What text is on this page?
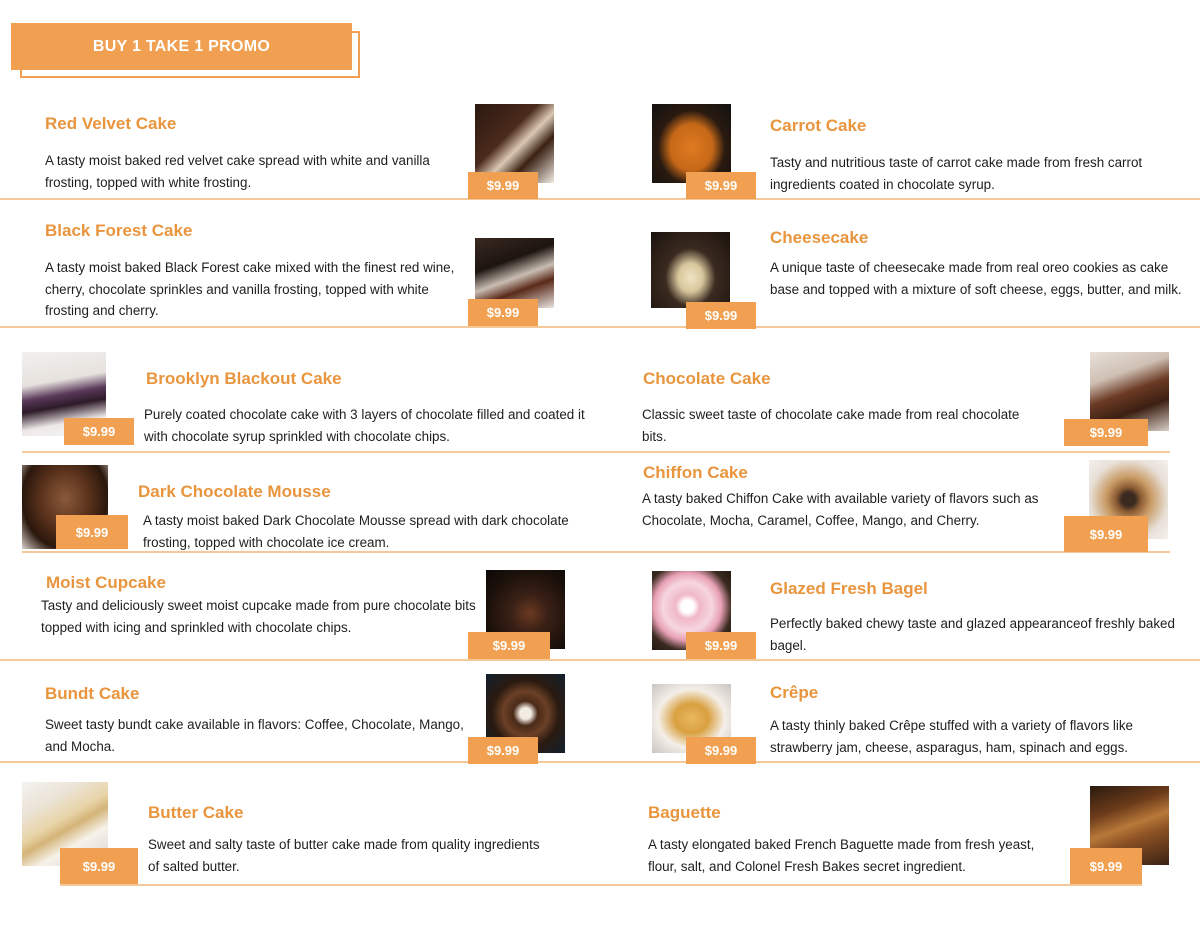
BUY 1 TAKE 1 PROMO
Red Velvet Cake
A tasty moist baked red velvet cake spread with white and vanilla frosting, topped with white frosting.	$9.99	$9.99
Carrot Cake
Tasty and nutritious taste of carrot cake made from fresh carrot ingredients coated in chocolate syrup.
Black Forest Cake
A tasty moist baked Black Forest cake mixed with the finest red wine, cherry, chocolate sprinkles and vanilla frosting, topped with white frosting and cherry.	$9.99	$9.99
Cheesecake
A unique taste of cheesecake made from real oreo cookies as cake base and topped with a mixture of soft cheese, eggs, butter, and milk.
$9.99
Brooklyn Blackout Cake
Purely coated chocolate cake with 3 layers of chocolate filled and coated it with chocolate syrup sprinkled with chocolate chips.
Chocolate Cake
Classic sweet taste of chocolate cake made from real chocolate bits.	$9.99
$9.99
Dark Chocolate Mousse
A tasty moist baked Dark Chocolate Mousse spread with dark chocolate frosting, topped with chocolate ice cream.
Chiffon Cake
A tasty baked Chiffon Cake with available variety of flavors such as Chocolate, Mocha, Caramel, Coffee, Mango, and Cherry.
$9.99
Moist Cupcake
Tasty and deliciously sweet moist cupcake made from pure chocolate bits topped with icing and sprinkled with chocolate chips.
$9.99	$9.99
Glazed Fresh Bagel
Perfectly baked chewy taste and glazed appearanceof freshly baked bagel.
Bundt Cake
Sweet tasty bundt cake available in flavors: Coffee, Chocolate, Mango, and Mocha.	$9.99	$9.99
Crêpe
A tasty thinly baked Crêpe stuffed with a variety of flavors like strawberry jam, cheese, asparagus, ham, spinach and eggs.
$9.99
Butter Cake
Sweet and salty taste of butter cake made from quality ingredients of salted butter.
Baguette
A tasty elongated baked French Baguette made from fresh yeast, flour, salt, and Colonel Fresh Bakes secret ingredient.	$9.99
